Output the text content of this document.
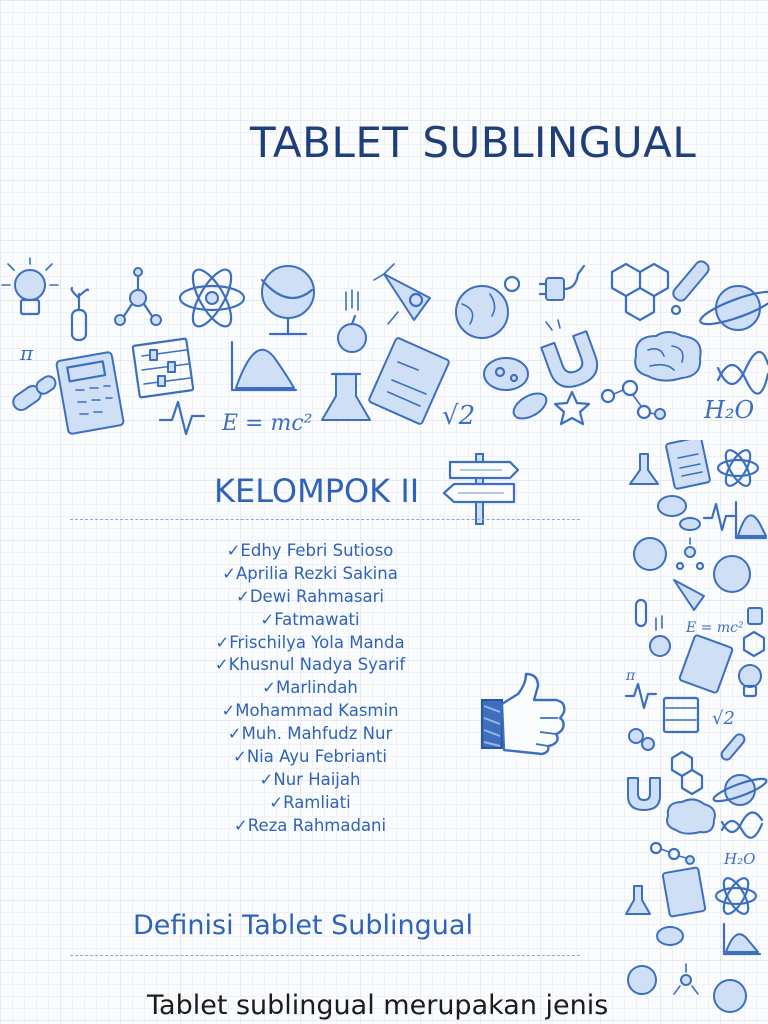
TABLET SUBLINGUAL
π
E = mc²	√2	H₂O
E = mc²
π
√2
H₂O
KELOMPOK II
✓Edhy Febri Sutioso
✓Aprilia Rezki Sakina
✓Dewi Rahmasari
✓Fatmawati
✓Frischilya Yola Manda
✓Khusnul Nadya Syarif
✓Marlindah
✓Mohammad Kasmin
✓Muh. Mahfudz Nur
✓Nia Ayu Febrianti
✓Nur Haijah
✓Ramliati
✓Reza Rahmadani
Definisi Tablet Sublingual
Tablet sublingual merupakan jenis
